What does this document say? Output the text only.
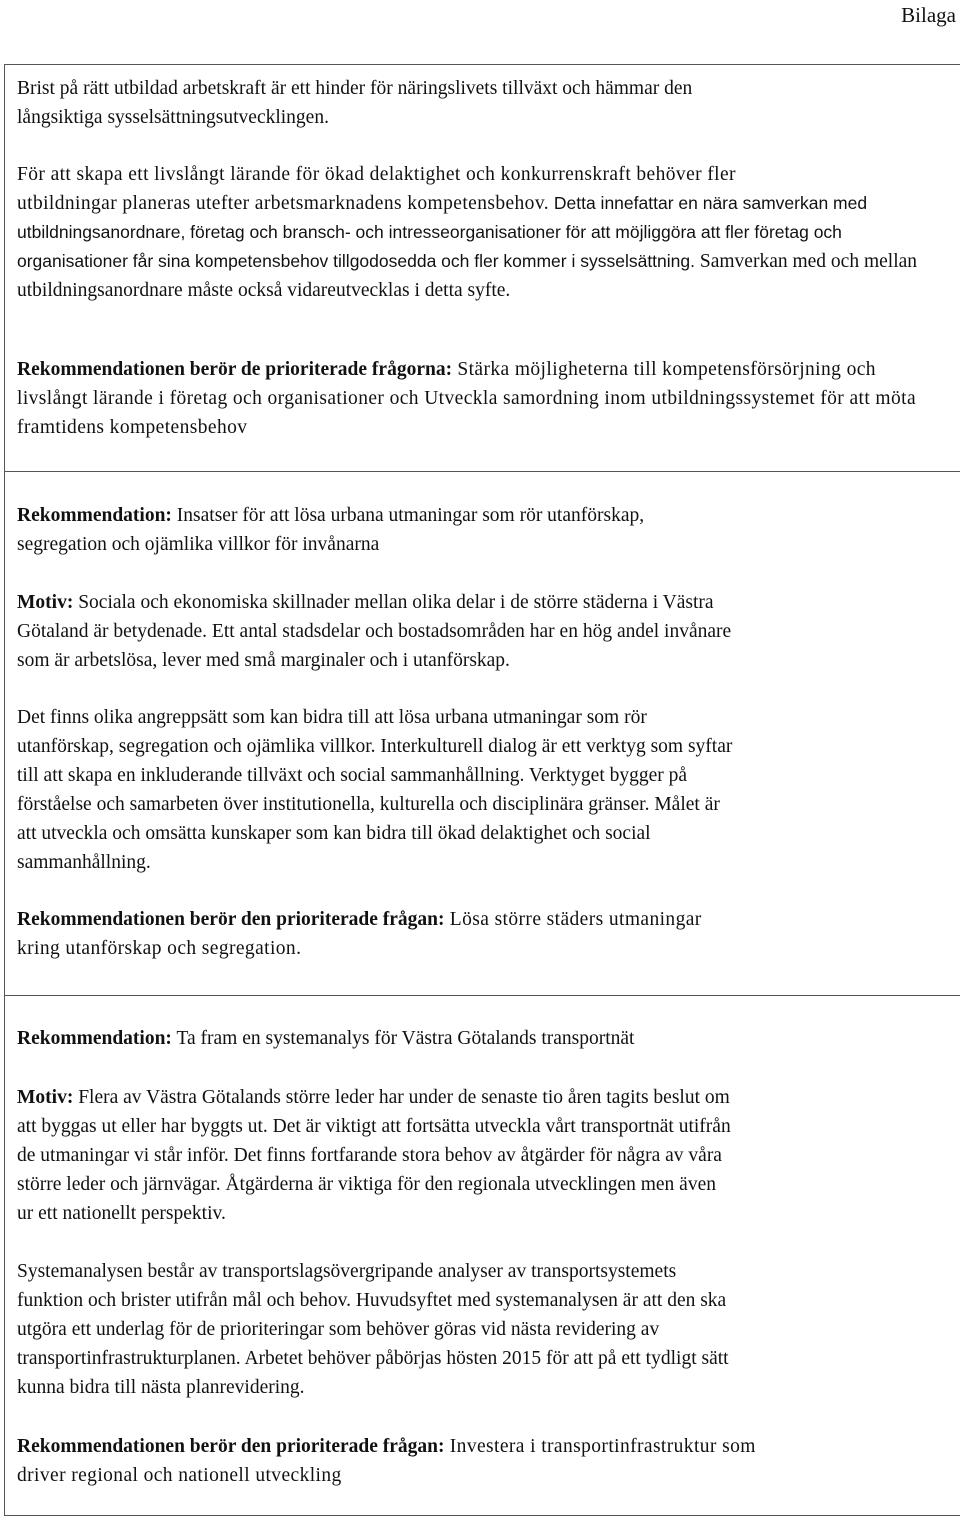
Bilaga

Brist på rätt utbildad arbetskraft är ett hinder för näringslivets tillväxt och hämmar den
långsiktiga sysselsättningsutvecklingen.

För att skapa ett livslångt lärande för ökad delaktighet och konkurrenskraft behöver fler
utbildningar planeras utefter arbetsmarknadens kompetensbehov. Detta innefattar en nära samverkan med utbildningsanordnare, företag och bransch- och intresseorganisationer för att möjliggöra att fler företag och organisationer får sina kompetensbehov tillgodosedda och fler kommer i sysselsättning. Samverkan med och mellan utbildningsanordnare måste också vidareutvecklas i detta syfte.

Rekommendationen berör de prioriterade frågorna: Stärka möjligheterna till kompetensförsörjning och livslångt lärande i företag och organisationer och Utveckla samordning inom utbildningssystemet för att möta framtidens kompetensbehov

Rekommendation: Insatser för att lösa urbana utmaningar som rör utanförskap,
segregation och ojämlika villkor för invånarna

Motiv: Sociala och ekonomiska skillnader mellan olika delar i de större städerna i Västra
Götaland är betydenade. Ett antal stadsdelar och bostadsområden har en hög andel invånare
som är arbetslösa, lever med små marginaler och i utanförskap.

Det finns olika angreppsätt som kan bidra till att lösa urbana utmaningar som rör
utanförskap, segregation och ojämlika villkor. Interkulturell dialog är ett verktyg som syftar
till att skapa en inkluderande tillväxt och social sammanhållning. Verktyget bygger på
förståelse och samarbeten över institutionella, kulturella och disciplinära gränser. Målet är
att utveckla och omsätta kunskaper som kan bidra till ökad delaktighet och social
sammanhållning.

Rekommendationen berör den prioriterade frågan: Lösa större städers utmaningar
kring utanförskap och segregation.

Rekommendation: Ta fram en systemanalys för Västra Götalands transportnät

Motiv: Flera av Västra Götalands större leder har under de senaste tio åren tagits beslut om
att byggas ut eller har byggts ut. Det är viktigt att fortsätta utveckla vårt transportnät utifrån
de utmaningar vi står inför. Det finns fortfarande stora behov av åtgärder för några av våra
större leder och järnvägar. Åtgärderna är viktiga för den regionala utvecklingen men även
ur ett nationellt perspektiv.

Systemanalysen består av transportslagsövergripande analyser av transportsystemets
funktion och brister utifrån mål och behov. Huvudsyftet med systemanalysen är att den ska
utgöra ett underlag för de prioriteringar som behöver göras vid nästa revidering av
transportinfrastrukturplanen. Arbetet behöver påbörjas hösten 2015 för att på ett tydligt sätt
kunna bidra till nästa planrevidering.

Rekommendationen berör den prioriterade frågan: Investera i transportinfrastruktur som
driver regional och nationell utveckling
